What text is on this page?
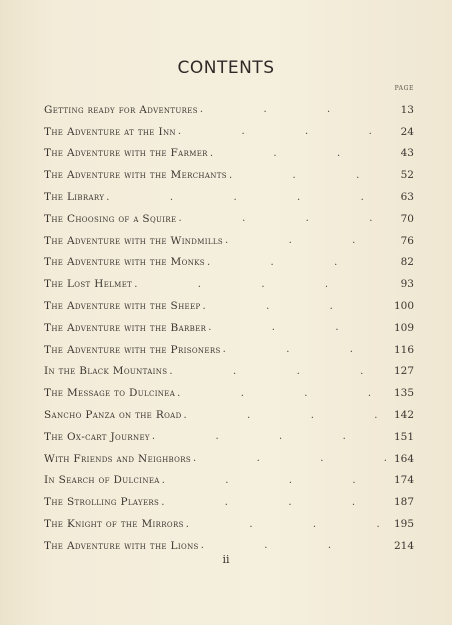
CONTENTS
PAGE
Getting ready for Adventures .	13
The Adventure at the Inn .	24
The Adventure with the Farmer .	43
The Adventure with the Merchants .	52
The Library .	63
The Choosing of a Squire .	70
The Adventure with the Windmills .	76
The Adventure with the Monks .	82
The Lost Helmet .	93
The Adventure with the Sheep .	100
The Adventure with the Barber .	109
The Adventure with the Prisoners .	116
In the Black Mountains .	127
The Message to Dulcinea .	135
Sancho Panza on the Road .	142
The Ox-cart Journey .	151
With Friends and Neighbors .	164
In Search of Dulcinea .	174
The Strolling Players .	187
The Knight of the Mirrors .	195
The Adventure with the Lions .	214
ii
